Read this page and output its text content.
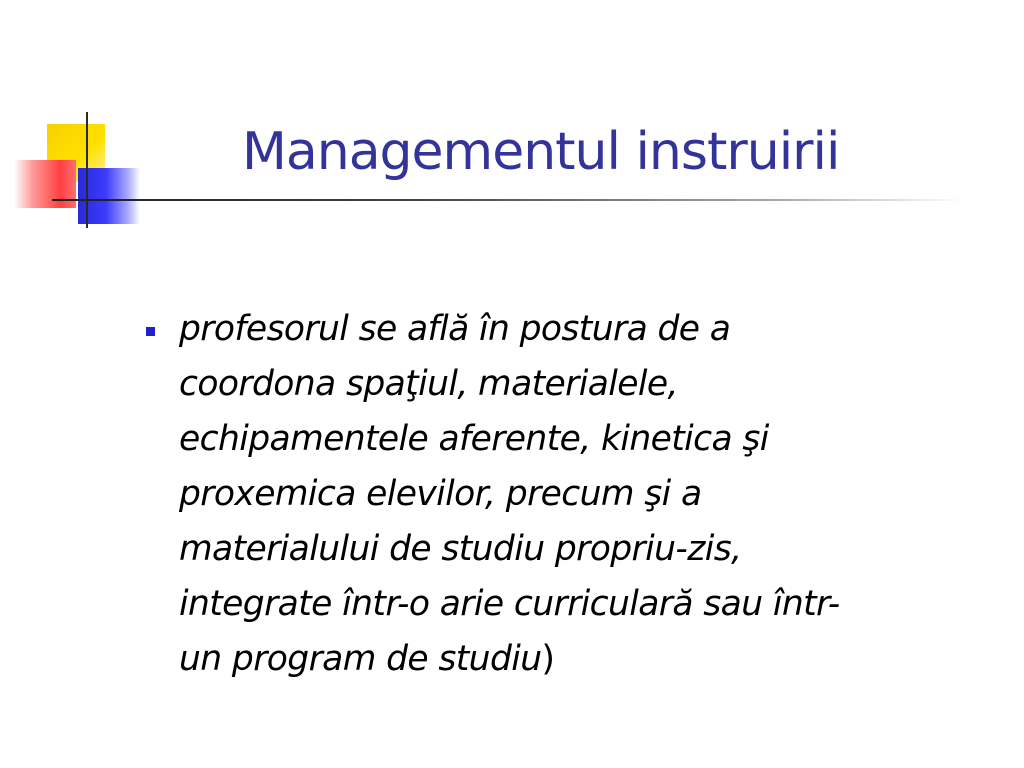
Managementul instruirii
profesorul se află în postura de a
coordona spaţiul, materialele,
echipamentele aferente, kinetica şi
proxemica elevilor, precum şi a
materialului de studiu propriu-zis,
integrate într-o arie curriculară sau într-
un program de studiu)
